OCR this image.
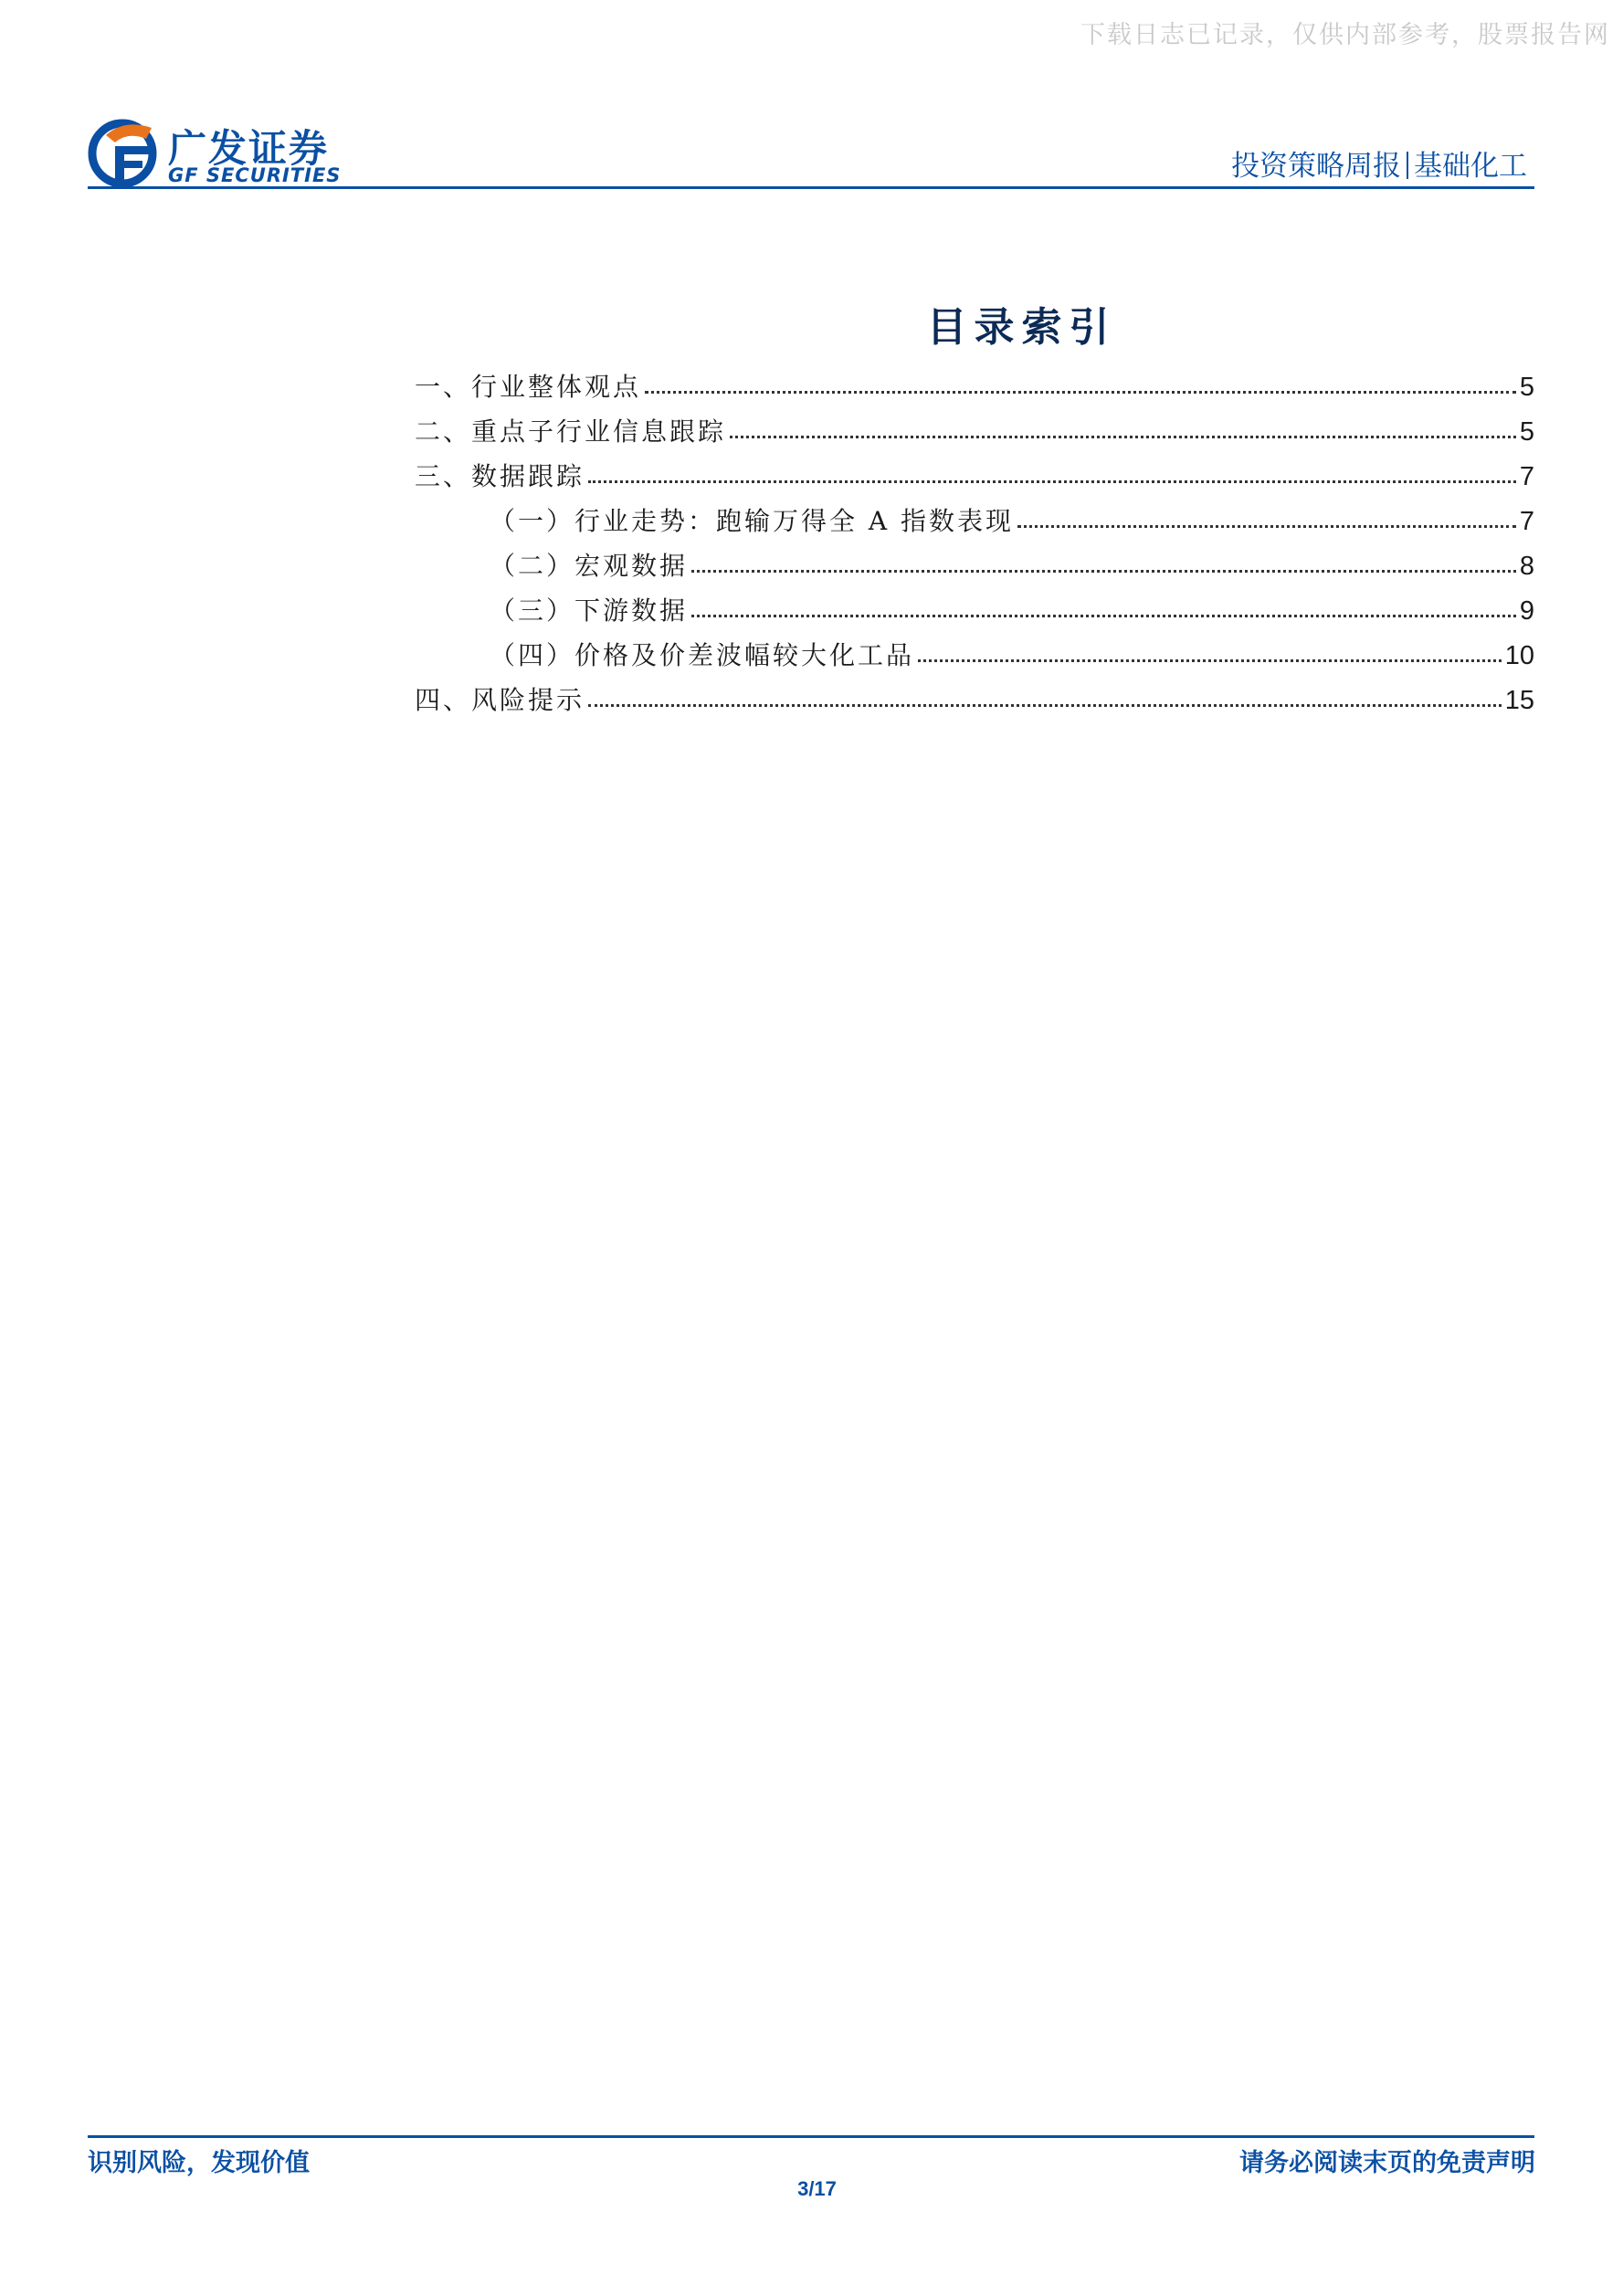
下载日志已记录，仅供内部参考，股票报告网
广发证券
GF SECURITIES	投资策略周报 基础化工
目录索引
一、行业整体观点	5
二、重点子行业信息跟踪	5
三、数据跟踪	7
（一）行业走势：跑输万得全 A 指数表现	7
（二）宏观数据	8
（三）下游数据	9
（四）价格及价差波幅较大化工品	10
四、风险提示	15
识别风险，发现价值	请务必阅读末页的免责声明
3/17
